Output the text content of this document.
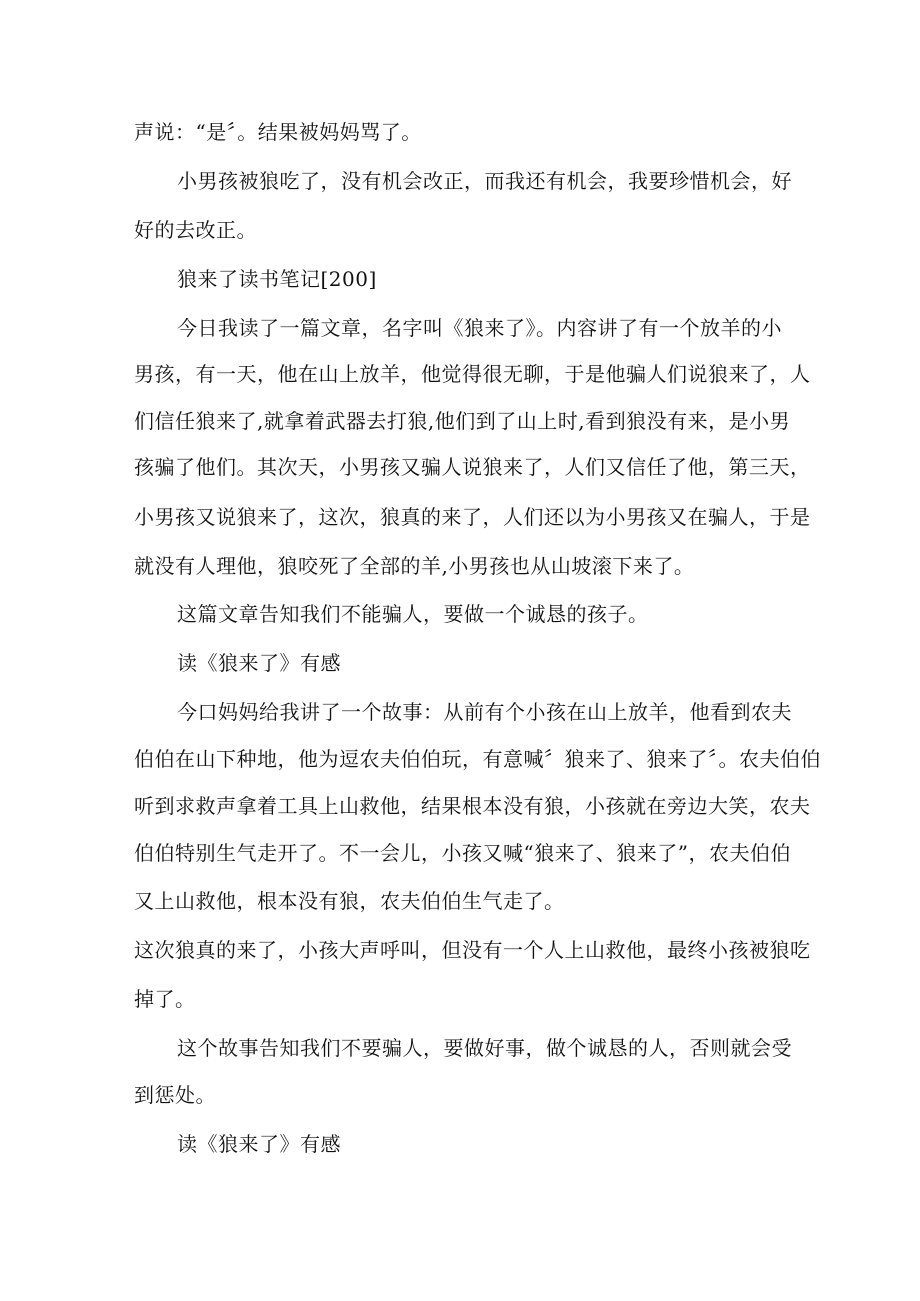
声说：“是〞。结果被妈妈骂了。
小男孩被狼吃了，没有机会改正，而我还有机会，我要珍惜机会，好
好的去改正。
狼来了读书笔记[200]
今日我读了一篇文章，名字叫《狼来了》。内容讲了有一个放羊的小
男孩，有一天，他在山上放羊，他觉得很无聊，于是他骗人们说狼来了，人
们信任狼来了,就拿着武器去打狼,他们到了山上时,看到狼没有来，是小男
孩骗了他们。其次天，小男孩又骗人说狼来了，人们又信任了他，第三天，
小男孩又说狼来了，这次，狼真的来了，人们还以为小男孩又在骗人，于是
就没有人理他，狼咬死了全部的羊,小男孩也从山坡滚下来了。
这篇文章告知我们不能骗人，要做一个诚恳的孩子。
读《狼来了》有感
今口妈妈给我讲了一个故事：从前有个小孩在山上放羊，他看到农夫
伯伯在山下种地，他为逗农夫伯伯玩，有意喊〞狼来了、狼来了〞。农夫伯伯
听到求救声拿着工具上山救他，结果根本没有狼，小孩就在旁边大笑，农夫
伯伯特别生气走开了。不一会儿，小孩又喊“狼来了、狼来了”，农夫伯伯
又上山救他，根本没有狼，农夫伯伯生气走了。
这次狼真的来了，小孩大声呼叫，但没有一个人上山救他，最终小孩被狼吃
掉了。
这个故事告知我们不要骗人，要做好事，做个诚恳的人，否则就会受
到惩处。
读《狼来了》有感
